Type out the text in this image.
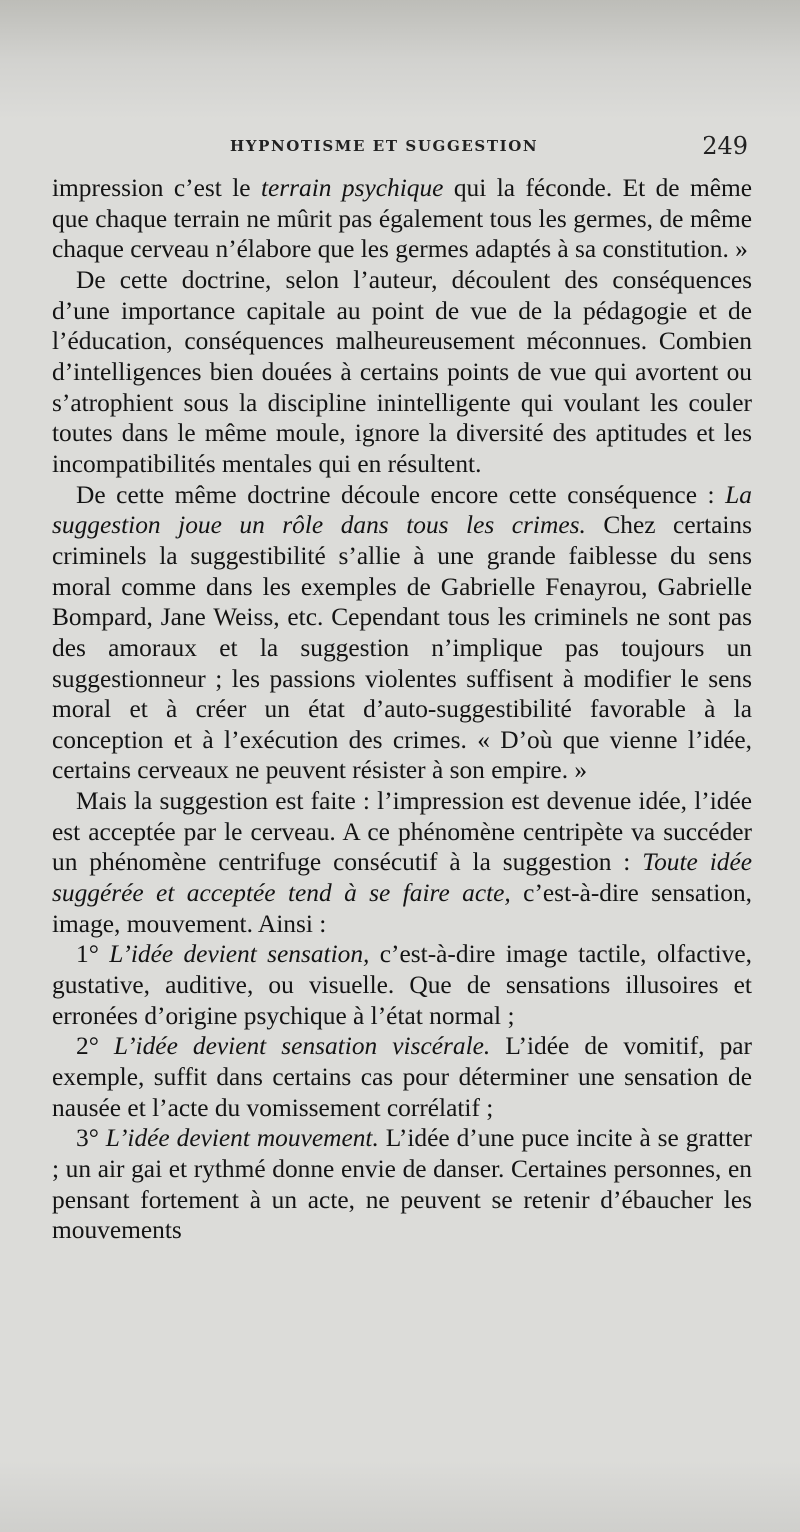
HYPNOTISME ET SUGGESTION	249

impression c’est le terrain psychique qui la féconde. Et de même que chaque terrain ne mûrit pas également tous les germes, de même chaque cerveau n’élabore que les germes adaptés à sa constitution. »

De cette doctrine, selon l’auteur, découlent des conséquences d’une importance capitale au point de vue de la pédagogie et de l’éducation, conséquences malheureusement méconnues. Combien d’intelligences bien douées à certains points de vue qui avortent ou s’atrophient sous la discipline inintelligente qui voulant les couler toutes dans le même moule, ignore la diversité des aptitudes et les incompatibilités mentales qui en résultent.

De cette même doctrine découle encore cette conséquence : La suggestion joue un rôle dans tous les crimes. Chez certains criminels la suggestibilité s’allie à une grande faiblesse du sens moral comme dans les exemples de Gabrielle Fenayrou, Gabrielle Bompard, Jane Weiss, etc. Cependant tous les criminels ne sont pas des amoraux et la suggestion n’implique pas toujours un suggestionneur ; les passions violentes suffisent à modifier le sens moral et à créer un état d’auto-suggestibilité favorable à la conception et à l’exécution des crimes. « D’où que vienne l’idée, certains cerveaux ne peuvent résister à son empire. »

Mais la suggestion est faite : l’impression est devenue idée, l’idée est acceptée par le cerveau. A ce phénomène centripète va succéder un phénomène centrifuge consécutif à la suggestion : Toute idée suggérée et acceptée tend à se faire acte, c’est-à-dire sensation, image, mouvement. Ainsi :

1° L’idée devient sensation, c’est-à-dire image tactile, olfactive, gustative, auditive, ou visuelle. Que de sensations illusoires et erronées d’origine psychique à l’état normal ;

2° L’idée devient sensation viscérale. L’idée de vomitif, par exemple, suffit dans certains cas pour déterminer une sensation de nausée et l’acte du vomissement corrélatif ;

3° L’idée devient mouvement. L’idée d’une puce incite à se gratter ; un air gai et rythmé donne envie de danser. Certaines personnes, en pensant fortement à un acte, ne peuvent se retenir d’ébaucher les mouvements
